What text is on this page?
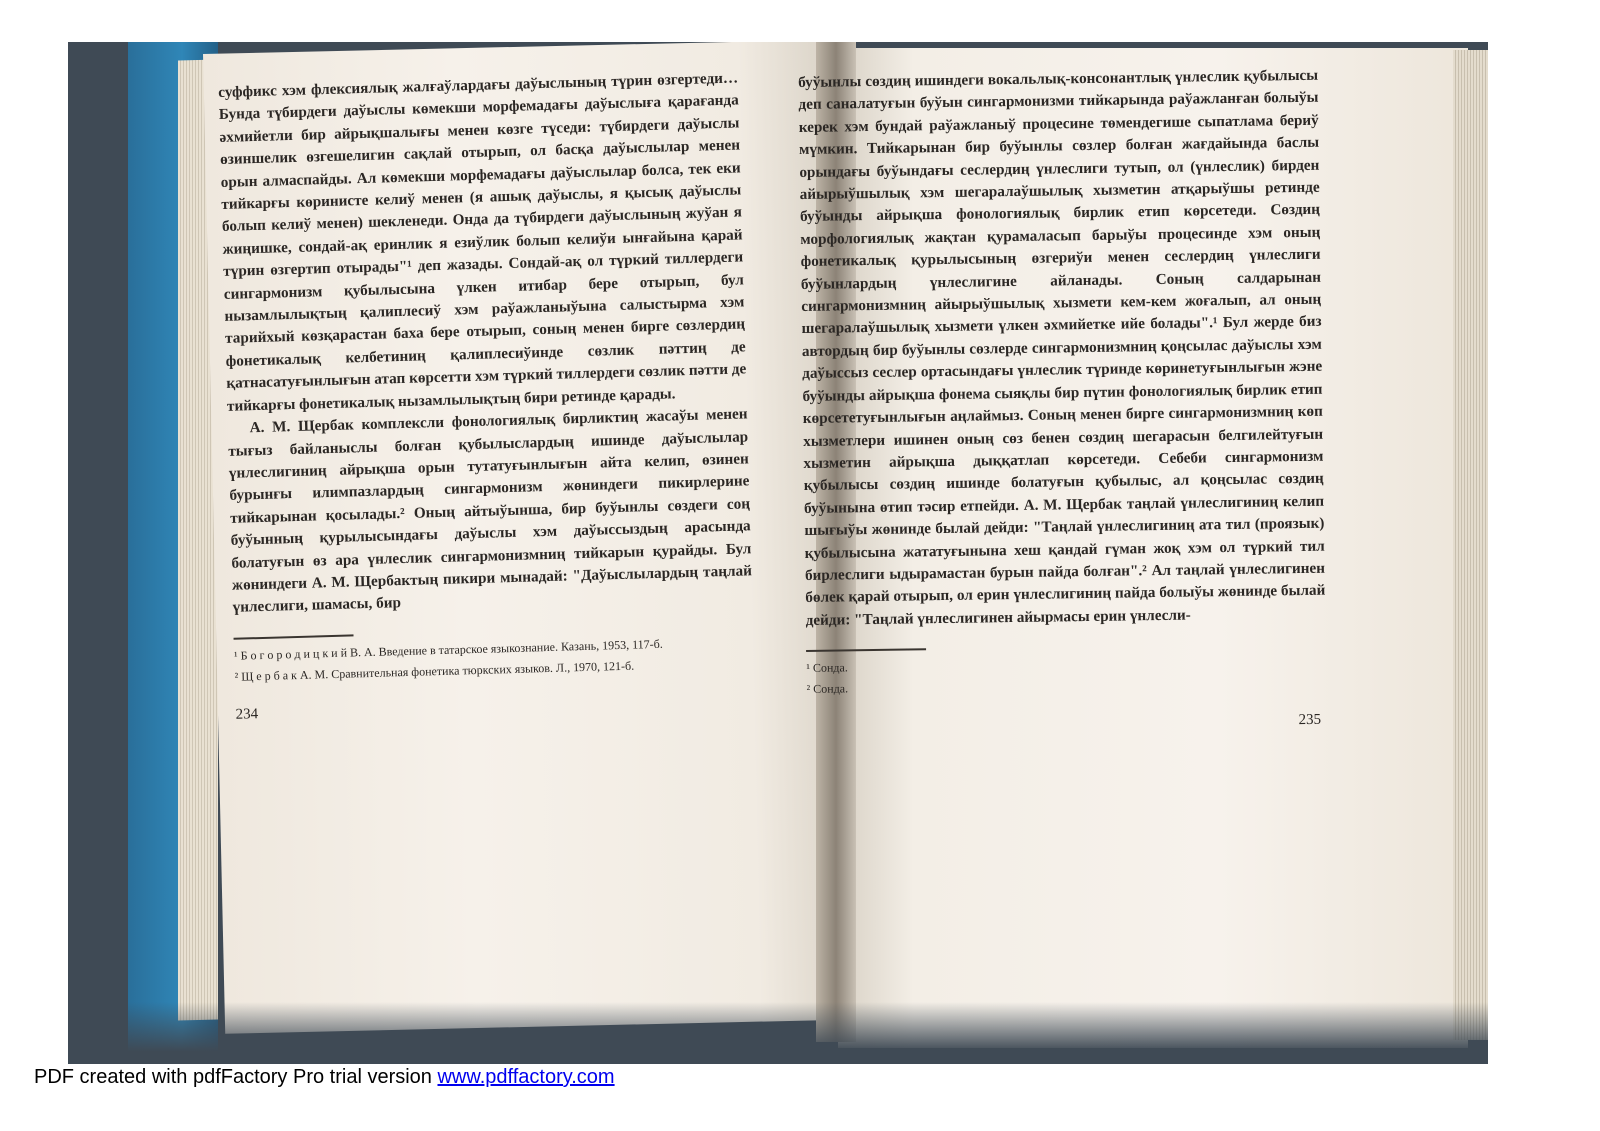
суффикс хэм флексиялық жалғаўлардағы даўыслының түрин өзгертеди… Бунда түбирдеги даўыслы көмекши морфемадағы даўыслыға қарағанда әхмийетли бир айрықшалығы менен көзге түседи: түбирдеги даўыслы өзиншелик өзгешелигин сақлай отырып, ол басқа даўыслылар менен орын алмаспайды. Ал көмекши морфемадағы даўыслылар болса, тек еки тийкарғы көринисте келиў менен (я ашық даўыслы, я қысық даўыслы болып келиў менен) шекленеди. Онда да түбирдеги даўыслының жуўан я жиңишке, сондай-ақ еринлик я езиўлик болып келиўи ынғайына қарай түрин өзгертип отырады"¹ деп жазады. Сондай-ақ ол түркий тиллердеги сингармонизм қубылысына үлкен итибар бере отырып, бул нызамлылықтың қалиплесиў хэм раўажланыўына салыстырма хэм тарийхый көзқарастан баха бере отырып, соның менен бирге сөзлердиң фонетикалық келбетиниң қалиплесиўинде сөзлик пәттиң де қатнасатуғынлығын атап көрсетти хэм түркий тиллердеги сөзлик пәтти де тийкарғы фонетикалық нызамлылықтың бири ретинде қарады.

А. М. Щербак комплексли фонологиялық бирликтиң жасаўы менен тығыз байланыслы болған қубылыслардың ишинде даўыслылар үнлеслигиниң айрықша орын тутатуғынлығын айта келип, өзинен бурынғы илимпазлардың сингармонизм жөниндеги пикирлерине тийкарынан қосылады.² Оның айтыўынша, бир буўынлы сөздеги соң буўынның қурылысындағы даўыслы хэм даўыссыздың арасында болатуғын өз ара үнлеслик сингармонизмниң тийкарын қурайды. Бул жөниндеги А. М. Щербактың пикири мынадай: "Даўыслылардың таңлай үнлеслиги, шамасы, бир

¹ Б о г о р о д и ц к и й В. А. Введение в татарское языкознание. Казань, 1953, 117-б.

² Щ е р б а к А. М. Сравнительная фонетика тюркских языков. Л., 1970, 121-б.

234

буўынлы сөздиң ишиндеги вокальлық-консонантлық үнлеслик қубылысы деп саналатуғын буўын сингармонизми тийкарында раўажланған болыўы керек хэм бундай раўажланыў процесине төмендегише сыпатлама бериў мүмкин. Тийкарынан бир буўынлы сөзлер болған жағдайында баслы орындағы буўындағы сеслердиң үнлеслиги тутып, ол (үнлеслик) бирден айырыўшылық хэм шегаралаўшылық хызметин атқарыўшы ретинде буўынды айрықша фонологиялық бирлик етип көрсетеди. Сөздиң морфологиялық жақтан қурамаласып барыўы процесинде хэм оның фонетикалық қурылысының өзгериўи менен сеслердиң үнлеслиги буўынлардың үнлеслигине айланады. Соның салдарынан сингармонизмниң айырыўшылық хызмети кем-кем жоғалып, ал оның шегаралаўшылық хызмети үлкен әхмийетке ийе болады".¹ Бул жерде биз автордың бир буўынлы сөзлерде сингармонизмниң қоңсылас даўыслы хэм даўыссыз сеслер ортасындағы үнлеслик түринде көринетуғынлығын жэне буўынды айрықша фонема сыяқлы бир пүтин фонологиялық бирлик етип көрсететуғынлығын аңлаймыз. Соның менен бирге сингармонизмниң көп хызметлери ишинен оның сөз бенен сөздиң шегарасын белгилейтуғын хызметин айрықша дыққатлап көрсетеди. Себеби сингармонизм қубылысы сөздиң ишинде болатуғын қубылыс, ал қоңсылас сөздиң буўынына өтип тәсир етпейди. А. М. Щербак таңлай үнлеслигиниң келип шығыўы жөнинде былай дейди: "Таңлай үнлеслигиниң ата тил (проязык) қубылысына жататуғынына хеш қандай гүман жоқ хэм ол түркий тил бирлеслиги ыдырамастан бурын пайда болған".² Ал таңлай үнлеслигинен бөлек қарай отырып, ол ерин үнлеслигиниң пайда болыўы жөнинде былай дейди: "Таңлай үнлеслигинен айырмасы ерин үнлесли-

¹ Сонда.

² Сонда.

235
PDF created with pdfFactory Pro trial version www.pdffactory.com
